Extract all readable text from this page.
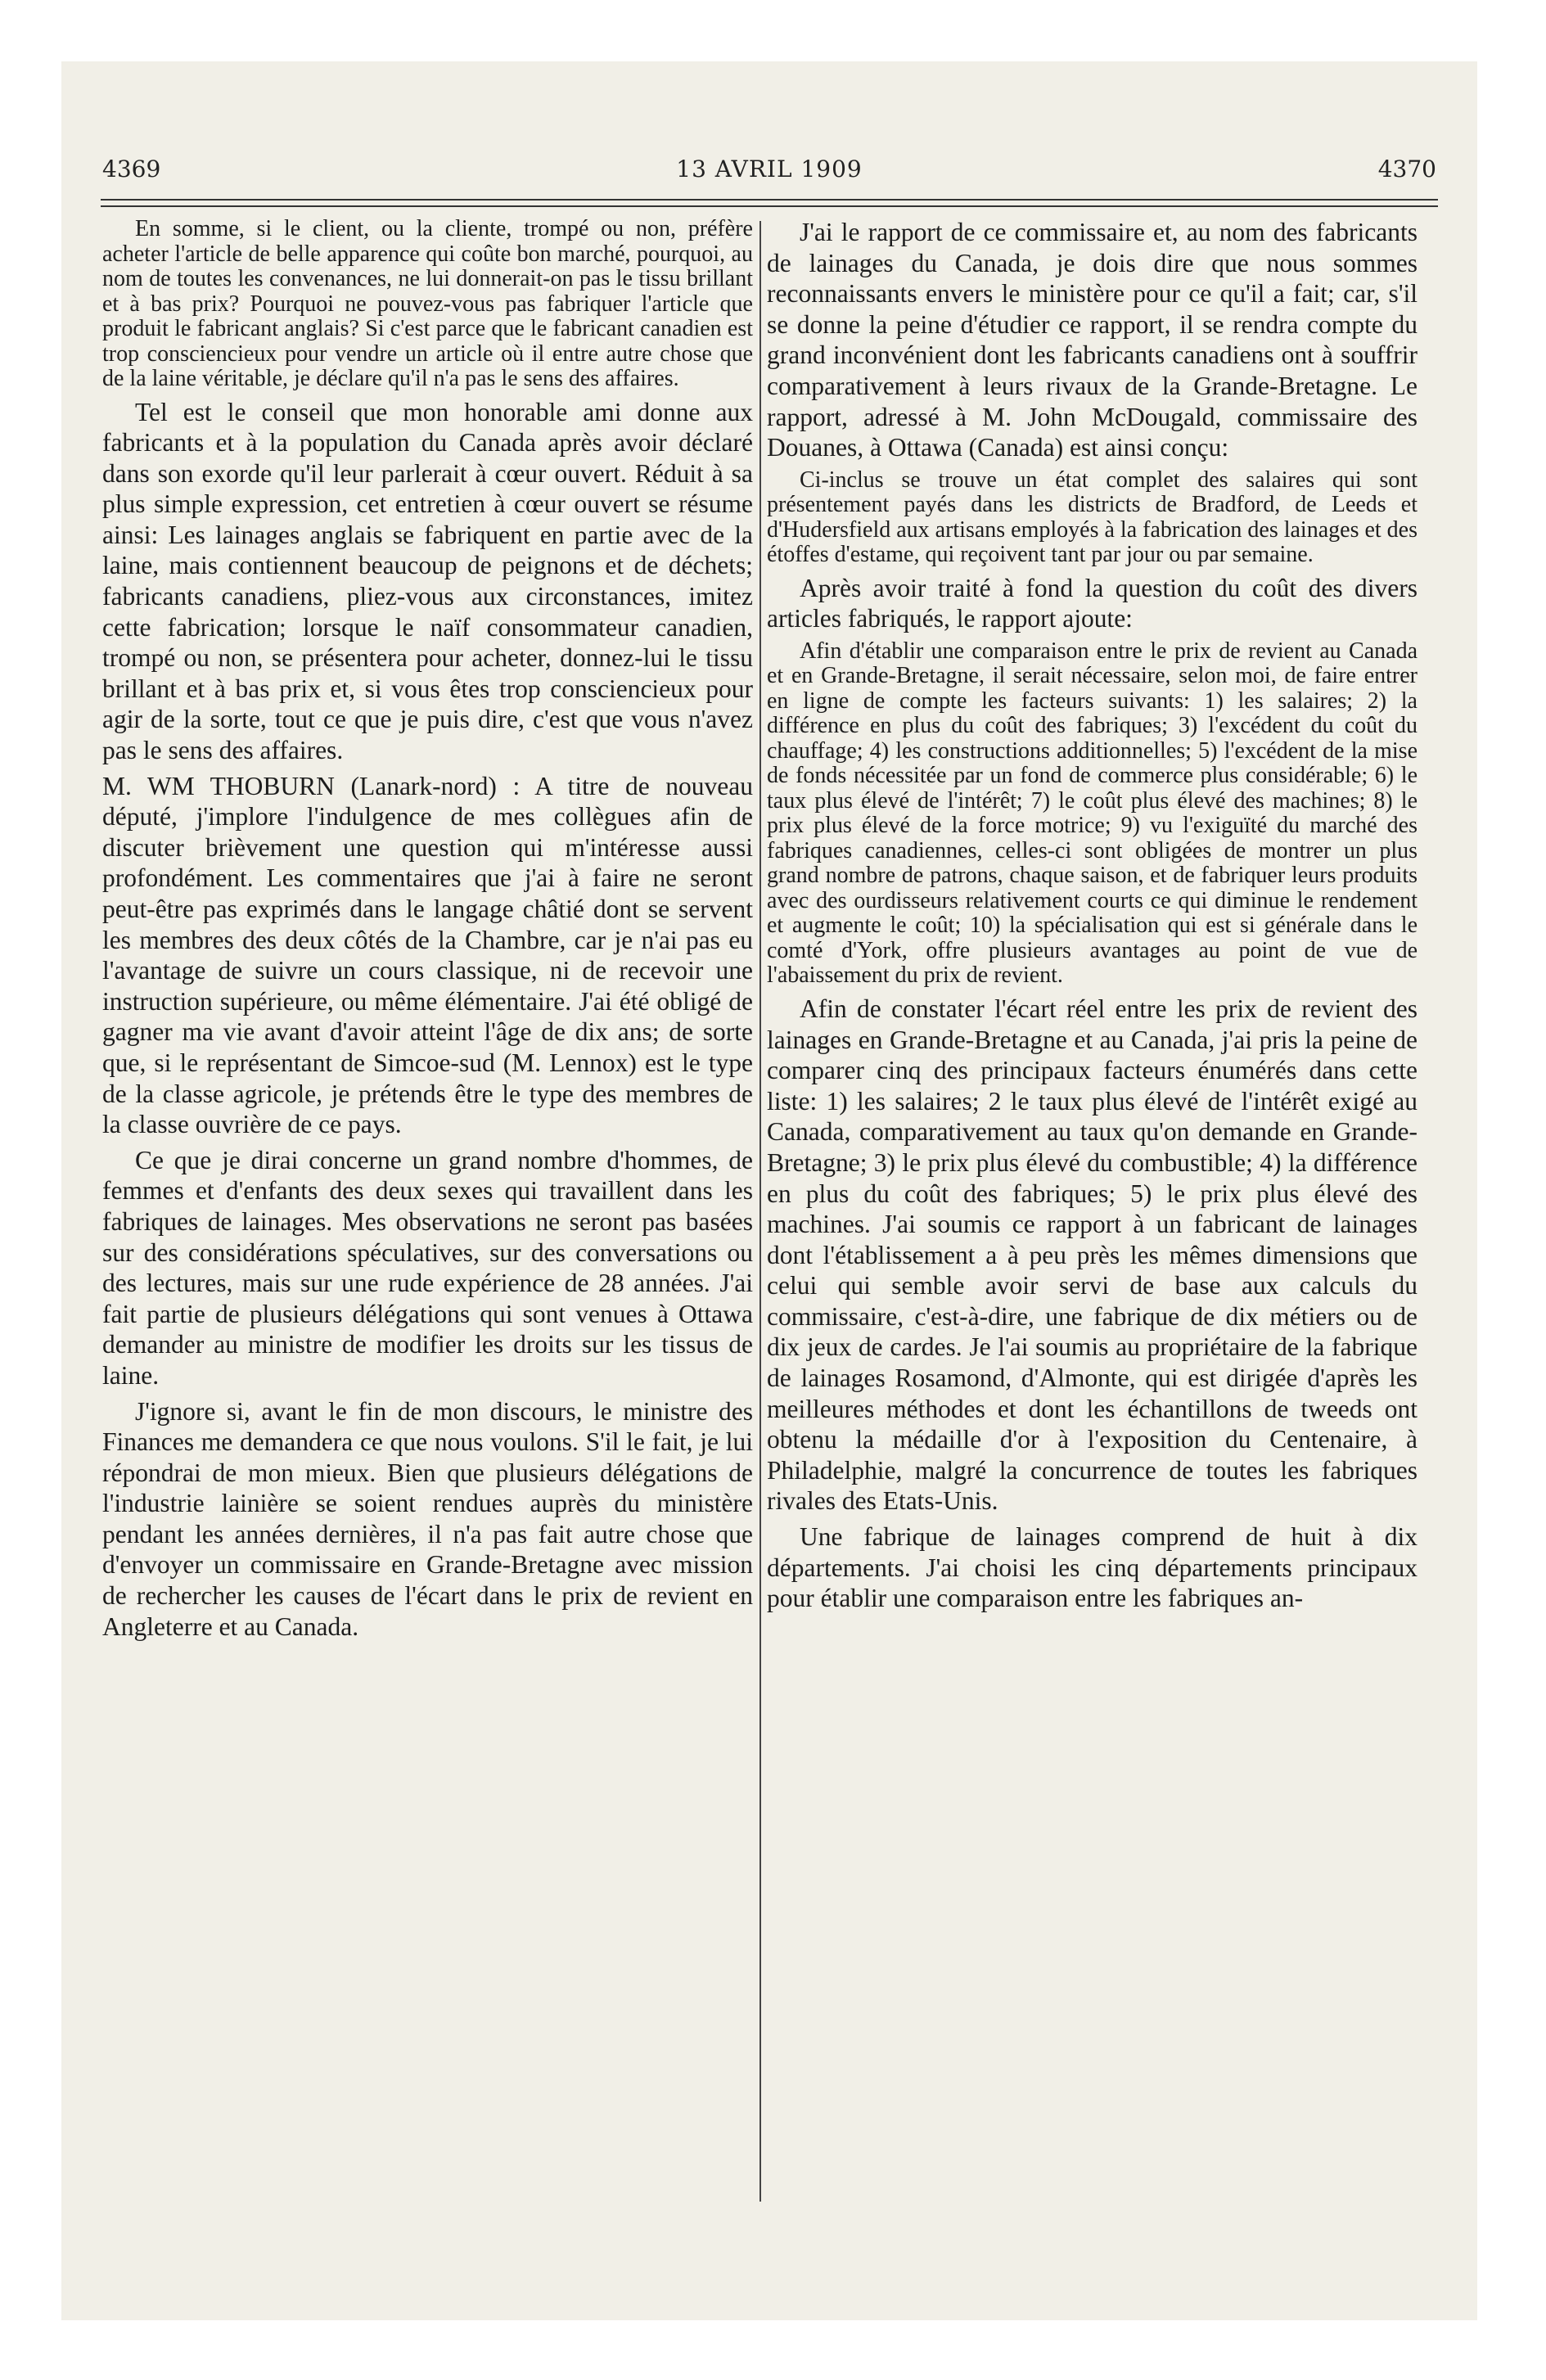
13 AVRIL 1909
4369	4370

En somme, si le client, ou la cliente, trompé ou non, préfère acheter l'article de belle apparence qui coûte bon marché, pourquoi, au nom de toutes les convenances, ne lui donnerait-on pas le tissu brillant et à bas prix? Pourquoi ne pouvez-vous pas fabriquer l'article que produit le fabricant anglais? Si c'est parce que le fabricant canadien est trop consciencieux pour vendre un article où il entre autre chose que de la laine véritable, je déclare qu'il n'a pas le sens des affaires.

Tel est le conseil que mon honorable ami donne aux fabricants et à la population du Canada après avoir déclaré dans son exorde qu'il leur parlerait à cœur ouvert. Réduit à sa plus simple expression, cet entretien à cœur ouvert se résume ainsi: Les lainages anglais se fabriquent en partie avec de la laine, mais contiennent beaucoup de peignons et de déchets; fabricants canadiens, pliez-vous aux circonstances, imitez cette fabrication; lorsque le naïf consommateur canadien, trompé ou non, se présentera pour acheter, donnez-lui le tissu brillant et à bas prix et, si vous êtes trop consciencieux pour agir de la sorte, tout ce que je puis dire, c'est que vous n'avez pas le sens des affaires.

M. WM THOBURN (Lanark-nord) : A titre de nouveau député, j'implore l'indulgence de mes collègues afin de discuter brièvement une question qui m'intéresse aussi profondément. Les commentaires que j'ai à faire ne seront peut-être pas exprimés dans le langage châtié dont se servent les membres des deux côtés de la Chambre, car je n'ai pas eu l'avantage de suivre un cours classique, ni de recevoir une instruction supérieure, ou même élémentaire. J'ai été obligé de gagner ma vie avant d'avoir atteint l'âge de dix ans; de sorte que, si le représentant de Simcoe-sud (M. Lennox) est le type de la classe agricole, je prétends être le type des membres de la classe ouvrière de ce pays.

Ce que je dirai concerne un grand nombre d'hommes, de femmes et d'enfants des deux sexes qui travaillent dans les fabriques de lainages. Mes observations ne seront pas basées sur des considérations spéculatives, sur des conversations ou des lectures, mais sur une rude expérience de 28 années. J'ai fait partie de plusieurs délégations qui sont venues à Ottawa demander au ministre de modifier les droits sur les tissus de laine.

J'ignore si, avant le fin de mon discours, le ministre des Finances me demandera ce que nous voulons. S'il le fait, je lui répondrai de mon mieux. Bien que plusieurs délégations de l'industrie lainière se soient rendues auprès du ministère pendant les années dernières, il n'a pas fait autre chose que d'envoyer un commissaire en Grande-Bretagne avec mission de rechercher les causes de l'écart dans le prix de revient en Angleterre et au Canada.

J'ai le rapport de ce commissaire et, au nom des fabricants de lainages du Canada, je dois dire que nous sommes reconnaissants envers le ministère pour ce qu'il a fait; car, s'il se donne la peine d'étudier ce rapport, il se rendra compte du grand inconvénient dont les fabricants canadiens ont à souffrir comparativement à leurs rivaux de la Grande-Bretagne. Le rapport, adressé à M. John McDougald, commissaire des Douanes, à Ottawa (Canada) est ainsi conçu:

Ci-inclus se trouve un état complet des salaires qui sont présentement payés dans les districts de Bradford, de Leeds et d'Hudersfield aux artisans employés à la fabrication des lainages et des étoffes d'estame, qui reçoivent tant par jour ou par semaine.

Après avoir traité à fond la question du coût des divers articles fabriqués, le rapport ajoute:

Afin d'établir une comparaison entre le prix de revient au Canada et en Grande-Bretagne, il serait nécessaire, selon moi, de faire entrer en ligne de compte les facteurs suivants: 1) les salaires; 2) la différence en plus du coût des fabriques; 3) l'excédent du coût du chauffage; 4) les constructions additionnelles; 5) l'excédent de la mise de fonds nécessitée par un fond de commerce plus considérable; 6) le taux plus élevé de l'intérêt; 7) le coût plus élevé des machines; 8) le prix plus élevé de la force motrice; 9) vu l'exiguïté du marché des fabriques canadiennes, celles-ci sont obligées de montrer un plus grand nombre de patrons, chaque saison, et de fabriquer leurs produits avec des ourdisseurs relativement courts ce qui diminue le rendement et augmente le coût; 10) la spécialisation qui est si générale dans le comté d'York, offre plusieurs avantages au point de vue de l'abaissement du prix de revient.

Afin de constater l'écart réel entre les prix de revient des lainages en Grande-Bretagne et au Canada, j'ai pris la peine de comparer cinq des principaux facteurs énumérés dans cette liste: 1) les salaires; 2 le taux plus élevé de l'intérêt exigé au Canada, comparativement au taux qu'on demande en Grande-Bretagne; 3) le prix plus élevé du combustible; 4) la différence en plus du coût des fabriques; 5) le prix plus élevé des machines. J'ai soumis ce rapport à un fabricant de lainages dont l'établissement a à peu près les mêmes dimensions que celui qui semble avoir servi de base aux calculs du commissaire, c'est-à-dire, une fabrique de dix métiers ou de dix jeux de cardes. Je l'ai soumis au propriétaire de la fabrique de lainages Rosamond, d'Almonte, qui est dirigée d'après les meilleures méthodes et dont les échantillons de tweeds ont obtenu la médaille d'or à l'exposition du Centenaire, à Philadelphie, malgré la concurrence de toutes les fabriques rivales des Etats-Unis.

Une fabrique de lainages comprend de huit à dix départements. J'ai choisi les cinq départements principaux pour établir une comparaison entre les fabriques an-
